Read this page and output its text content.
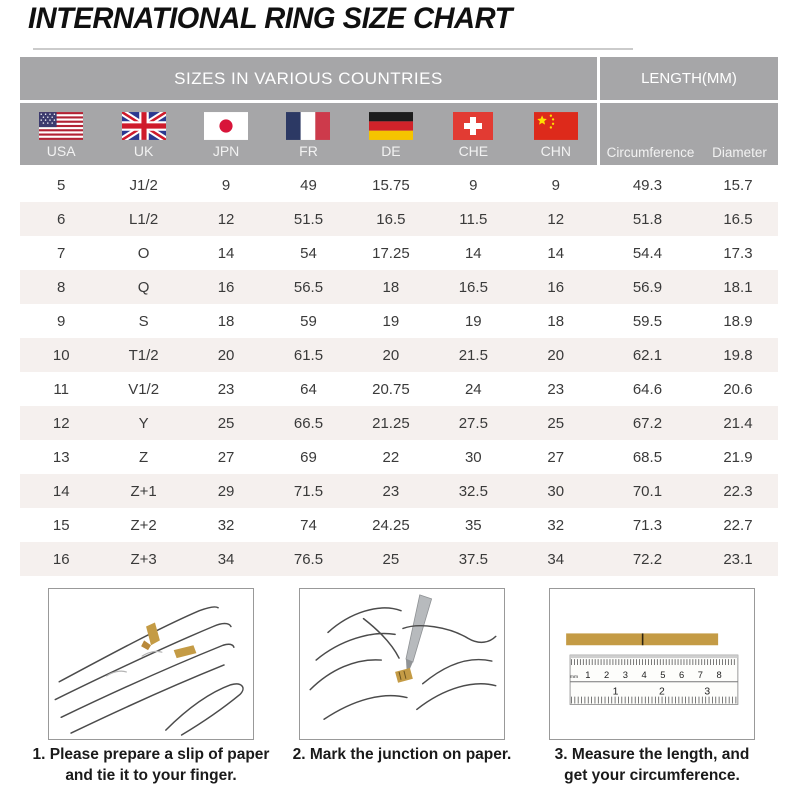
INTERNATIONAL RING SIZE CHART
SIZES IN VARIOUS COUNTRIES	LENGTH(MM)
USA	UK	JPN	FR	DE	CHE	CHN	Circumference	Diameter
5	J1/2	9	49	15.75	9	9	49.3	15.7
6	L1/2	12	51.5	16.5	11.5	12	51.8	16.5
7	O	14	54	17.25	14	14	54.4	17.3
8	Q	16	56.5	18	16.5	16	56.9	18.1
9	S	18	59	19	19	18	59.5	18.9
10	T1/2	20	61.5	20	21.5	20	62.1	19.8
11	V1/2	23	64	20.75	24	23	64.6	20.6
12	Y	25	66.5	21.25	27.5	25	67.2	21.4
13	Z	27	69	22	30	27	68.5	21.9
14	Z+1	29	71.5	23	32.5	30	70.1	22.3
15	Z+2	32	74	24.25	35	32	71.3	22.7
16	Z+3	34	76.5	25	37.5	34	72.2	23.1
1. Please prepare a slip of paper
and tie it to your finger.
2. Mark the junction on paper.
mm 1 2 3 4 5 6 7 8
1	2	3
3. Measure the length, and
get your circumference.
